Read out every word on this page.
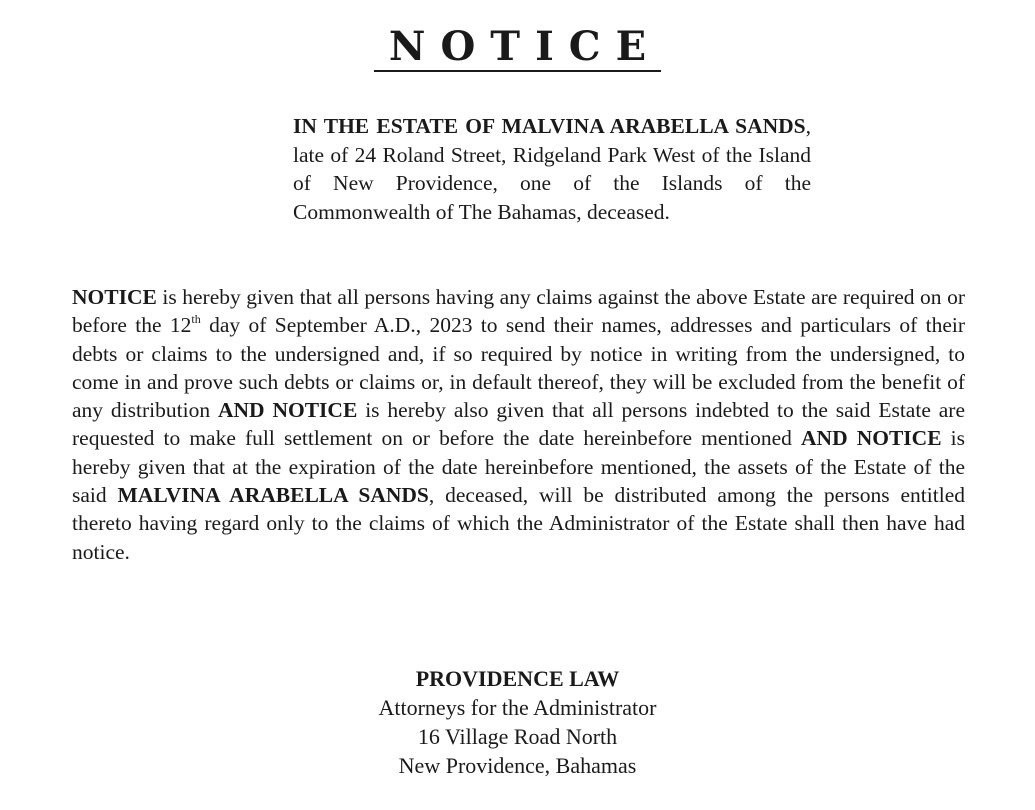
NOTICE
IN THE ESTATE OF MALVINA ARABELLA SANDS, late of 24 Roland Street, Ridgeland Park West of the Island of New Providence, one of the Islands of the Commonwealth of The Bahamas, deceased.
NOTICE is hereby given that all persons having any claims against the above Estate are required on or before the 12th day of September A.D., 2023 to send their names, addresses and particulars of their debts or claims to the undersigned and, if so required by notice in writing from the undersigned, to come in and prove such debts or claims or, in default thereof, they will be excluded from the benefit of any distribution AND NOTICE is hereby also given that all persons indebted to the said Estate are requested to make full settlement on or before the date hereinbefore mentioned AND NOTICE is hereby given that at the expiration of the date hereinbefore mentioned, the assets of the Estate of the said MALVINA ARABELLA SANDS, deceased, will be distributed among the persons entitled thereto having regard only to the claims of which the Administrator of the Estate shall then have had notice.
PROVIDENCE LAW
Attorneys for the Administrator
16 Village Road North
New Providence, Bahamas
